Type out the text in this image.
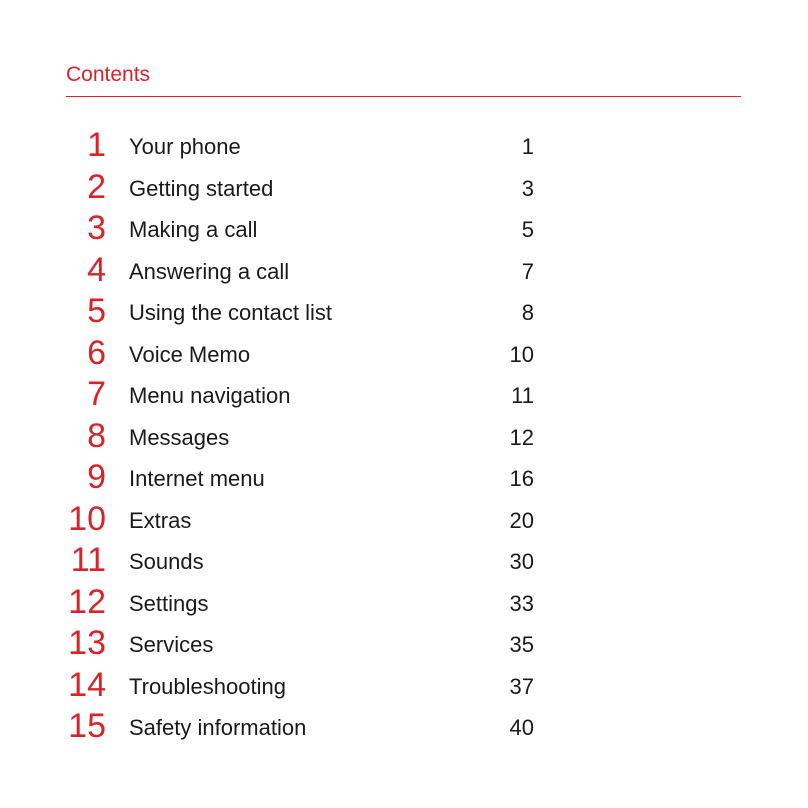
Contents
1 Your phone	1
2 Getting started	3
3 Making a call	5
4 Answering a call	7
5 Using the contact list	8
6 Voice Memo	10
7 Menu navigation	11
8 Messages	12
9 Internet menu	16
10 Extras	20
11 Sounds	30
12 Settings	33
13 Services	35
14 Troubleshooting	37
15 Safety information	40
